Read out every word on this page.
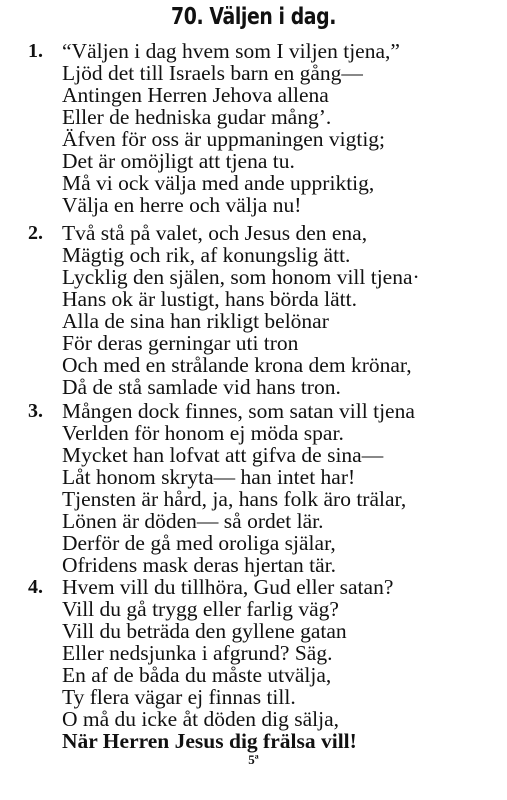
70. Väljen i dag.
1. “Väljen i dag hvem som I viljen tjena,”
Ljöd det till Israels barn en gång—
Antingen Herren Jehova allena
Eller de hedniska gudar mång’.
Äfven för oss är uppmaningen vigtig;
Det är omöjligt att tjena tu.
Må vi ock välja med ande uppriktig,
Välja en herre och välja nu!
2. Två stå på valet, och Jesus den ena,
Mägtig och rik, af konungslig ätt.
Lycklig den själen, som honom vill tjena·
Hans ok är lustigt, hans börda lätt.
Alla de sina han rikligt belönar
För deras gerningar uti tron
Och med en strålande krona dem krönar,
Då de stå samlade vid hans tron.
3. Mången dock finnes, som satan vill tjena
Verlden för honom ej möda spar.
Mycket han lofvat att gifva de sina—
Låt honom skryta— han intet har!
Tjensten är hård, ja, hans folk äro trälar,
Lönen är döden— så ordet lär.
Derför de gå med oroliga själar,
Ofridens mask deras hjertan tär.
4. Hvem vill du tillhöra, Gud eller satan?
Vill du gå trygg eller farlig väg?
Vill du beträda den gyllene gatan
Eller nedsjunka i afgrund? Säg.
En af de båda du måste utvälja,
Ty flera vägar ej finnas till.
O må du icke åt döden dig sälja,
När Herren Jesus dig frälsa vill!
5ª
